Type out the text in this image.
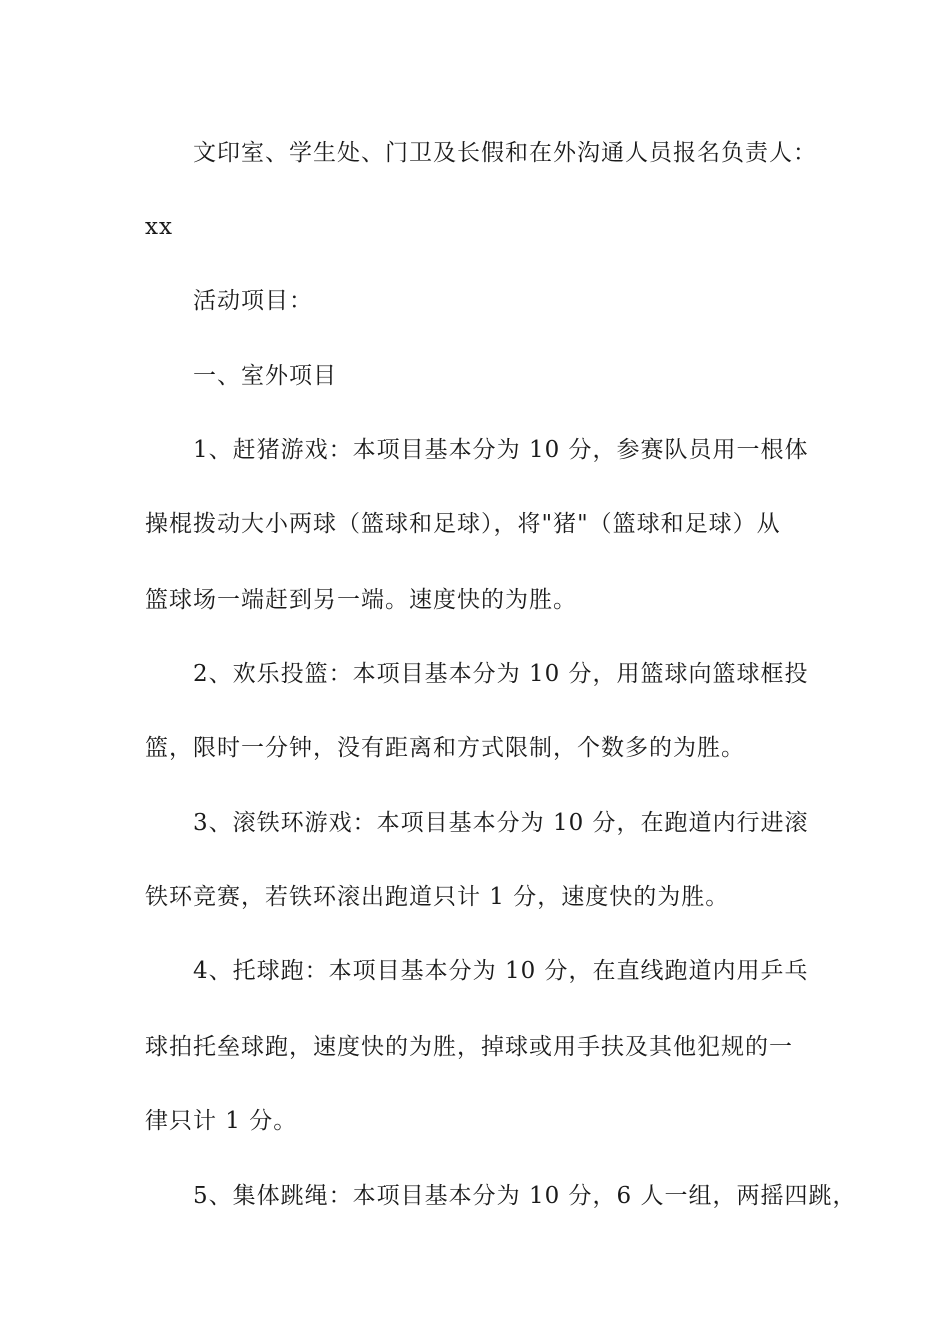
文印室、学生处、门卫及长假和在外沟通人员报名负责人：
xx
活动项目：
一、室外项目
1、赶猪游戏：本项目基本分为 10 分，参赛队员用一根体
操棍拨动大小两球（篮球和足球），将"猪"（篮球和足球）从
篮球场一端赶到另一端。速度快的为胜。
2、欢乐投篮：本项目基本分为 10 分，用篮球向篮球框投
篮，限时一分钟，没有距离和方式限制，个数多的为胜。
3、滚铁环游戏：本项目基本分为 10 分，在跑道内行进滚
铁环竞赛，若铁环滚出跑道只计 1 分，速度快的为胜。
4、托球跑：本项目基本分为 10 分，在直线跑道内用乒乓
球拍托垒球跑，速度快的为胜，掉球或用手扶及其他犯规的一
律只计 1 分。
5、集体跳绳：本项目基本分为 10 分，6 人一组，两摇四跳，
